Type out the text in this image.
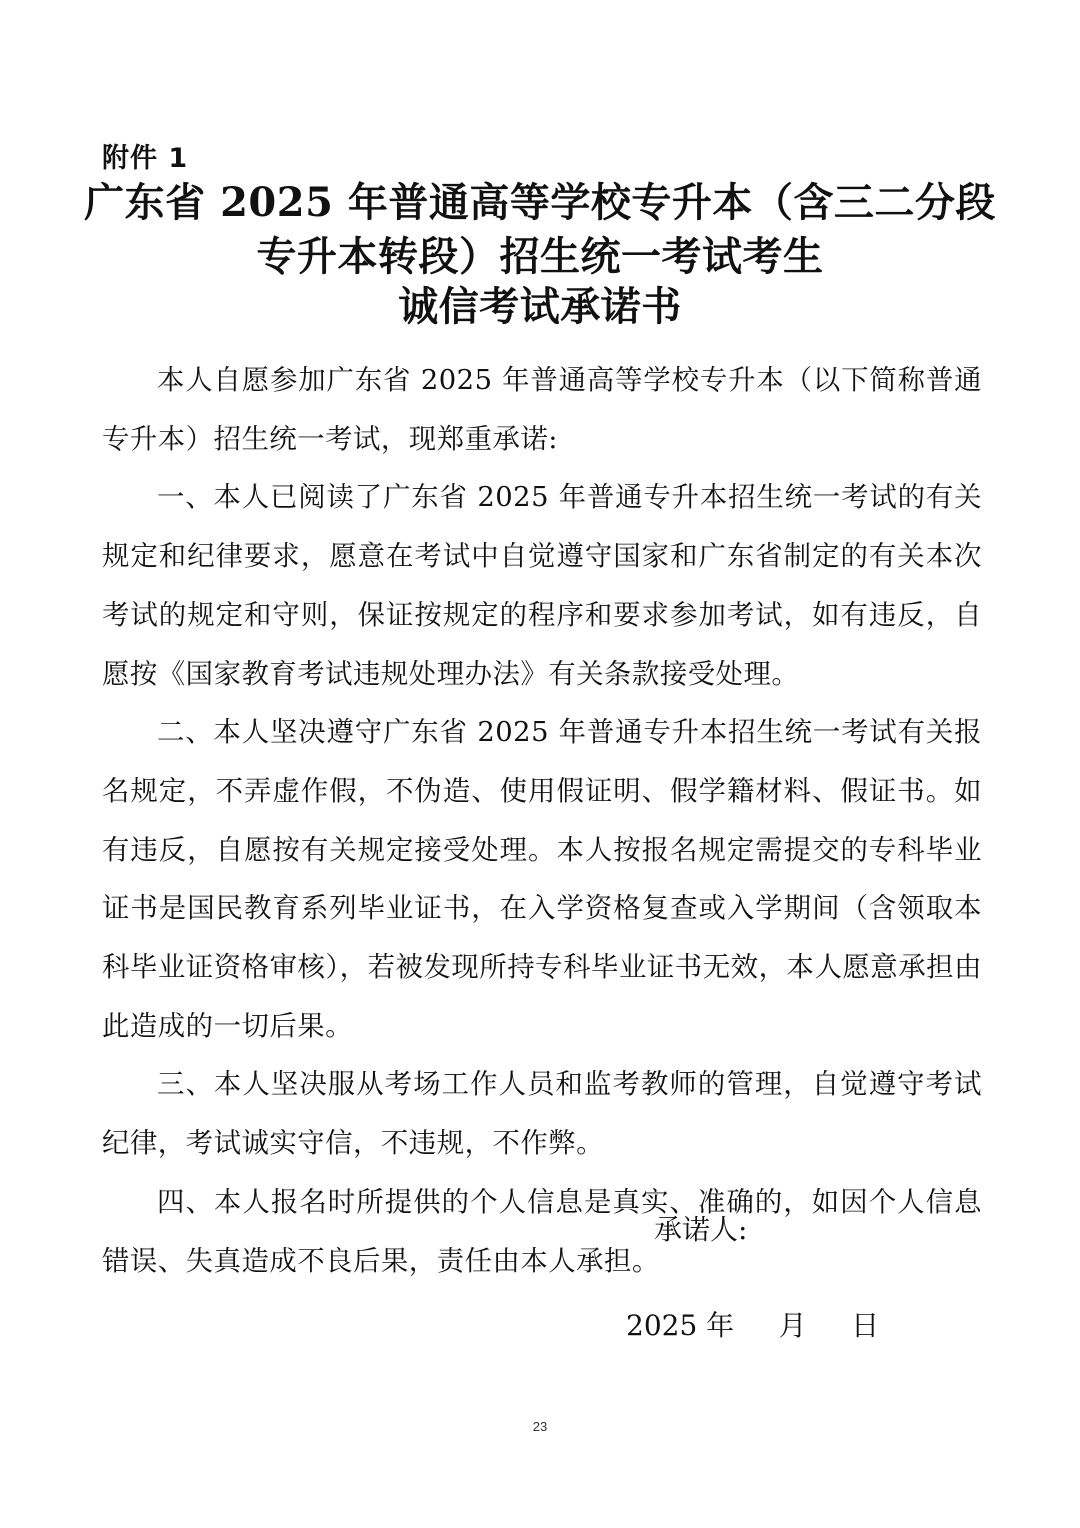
附件 1
广东省 2025 年普通高等学校专升本（含三二分段
专升本转段）招生统一考试考生
诚信考试承诺书

本人自愿参加广东省 2025 年普通高等学校专升本（以下简称普通专升本）招生统一考试，现郑重承诺:

一、本人已阅读了广东省 2025 年普通专升本招生统一考试的有关规定和纪律要求，愿意在考试中自觉遵守国家和广东省制定的有关本次考试的规定和守则，保证按规定的程序和要求参加考试，如有违反，自愿按《国家教育考试违规处理办法》有关条款接受处理。

二、本人坚决遵守广东省 2025 年普通专升本招生统一考试有关报名规定，不弄虚作假，不伪造、使用假证明、假学籍材料、假证书。如有违反，自愿按有关规定接受处理。本人按报名规定需提交的专科毕业证书是国民教育系列毕业证书，在入学资格复查或入学期间（含领取本科毕业证资格审核），若被发现所持专科毕业证书无效，本人愿意承担由此造成的一切后果。

三、本人坚决服从考场工作人员和监考教师的管理，自觉遵守考试纪律，考试诚实守信，不违规，不作弊。

四、本人报名时所提供的个人信息是真实、准确的，如因个人信息错误、失真造成不良后果，责任由本人承担。

承诺人:
2025 年     月     日
23
